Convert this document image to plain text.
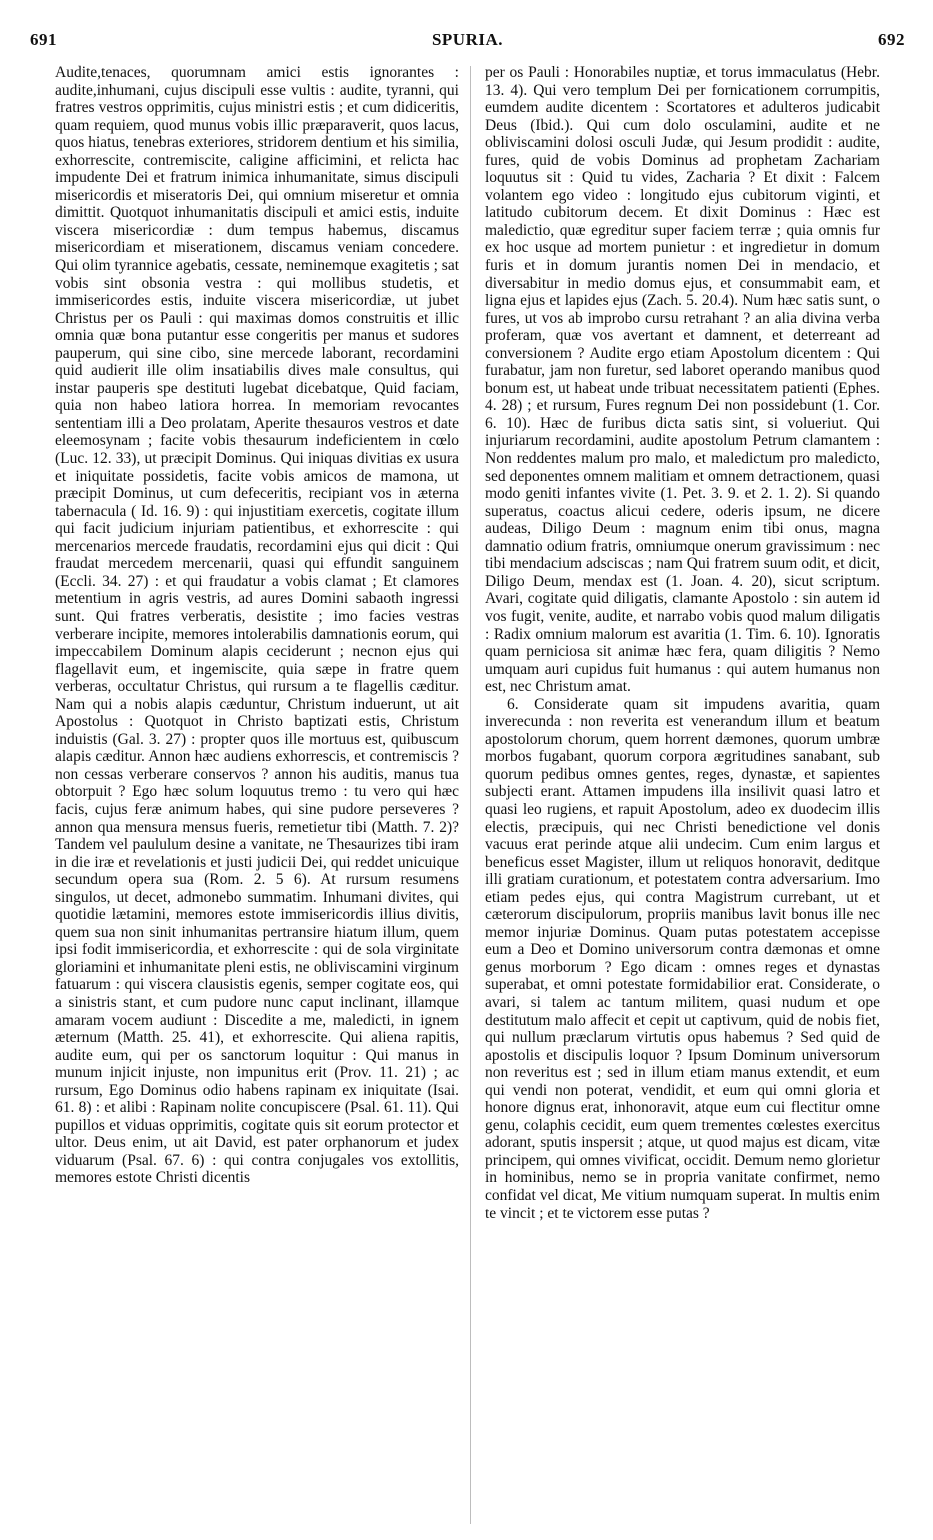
691	SPURIA.	692

Audite,tenaces, quorumnam amici estis ignorantes : audite,inhumani, cujus discipuli esse vultis : audite, tyranni, qui fratres vestros opprimitis, cujus ministri estis ; et cum didiceritis, quam requiem, quod munus vobis illic præparaverit, quos lacus, quos hiatus, tenebras exteriores, stridorem dentium et his similia, exhorrescite, contremiscite, caligine afficimini, et relicta hac impudente Dei et fratrum inimica inhumanitate, simus discipuli misericordis et miseratoris Dei, qui omnium miseretur et omnia dimittit. Quotquot inhumanitatis discipuli et amici estis, induite viscera misericordiæ : dum tempus habemus, discamus misericordiam et miserationem, discamus veniam concedere. Qui olim tyrannice agebatis, cessate, neminemque exagitetis ; sat vobis sint obsonia vestra : qui mollibus studetis, et immisericordes estis, induite viscera misericordiæ, ut jubet Christus per os Pauli : qui maximas domos construitis et illic omnia quæ bona putantur esse congeritis per manus et sudores pauperum, qui sine cibo, sine mercede laborant, recordamini quid audierit ille olim insatiabilis dives male consultus, qui instar pauperis spe destituti lugebat dicebatque, Quid faciam, quia non habeo latiora horrea. In memoriam revocantes sententiam illi a Deo prolatam, Aperite thesauros vestros et date eleemosynam ; facite vobis thesaurum indeficientem in cœlo (Luc. 12. 33), ut præcipit Dominus. Qui iniquas divitias ex usura et iniquitate possidetis, facite vobis amicos de mamona, ut præcipit Dominus, ut cum defeceritis, recipiant vos in æterna tabernacula ( Id. 16. 9) : qui injustitiam exercetis, cogitate illum qui facit judicium injuriam patientibus, et exhorrescite : qui mercenarios mercede fraudatis, recordamini ejus qui dicit : Qui fraudat mercedem mercenarii, quasi qui effundit sanguinem (Eccli. 34. 27) : et qui fraudatur a vobis clamat ; Et clamores metentium in agris vestris, ad aures Domini sabaoth ingressi sunt. Qui fratres verberatis, desistite ; imo facies vestras verberare incipite, memores intolerabilis damnationis eorum, qui impeccabilem Dominum alapis ceciderunt ; necnon ejus qui flagellavit eum, et ingemiscite, quia sæpe in fratre quem verberas, occultatur Christus, qui rursum a te flagellis cæditur. Nam qui a nobis alapis cæduntur, Christum induerunt, ut ait Apostolus : Quotquot in Christo baptizati estis, Christum induistis (Gal. 3. 27) : propter quos ille mortuus est, quibuscum alapis cæditur. Annon hæc audiens exhorrescis, et contremiscis ? non cessas verberare conservos ? annon his auditis, manus tua obtorpuit ? Ego hæc solum loquutus tremo : tu vero qui hæc facis, cujus feræ animum habes, qui sine pudore perseveres ? annon qua mensura mensus fueris, remetietur tibi (Matth. 7. 2)? Tandem vel paululum desine a vanitate, ne Thesaurizes tibi iram in die iræ et revelationis et justi judicii Dei, qui reddet unicuique secundum opera sua (Rom. 2. 5 6). At rursum resumens singulos, ut decet, admonebo summatim. Inhumani divites, qui quotidie lætamini, memores estote immisericordis illius divitis, quem sua non sinit inhumanitas pertransire hiatum illum, quem ipsi fodit immisericordia, et exhorrescite : qui de sola virginitate gloriamini et inhumanitate pleni estis, ne obliviscamini virginum fatuarum : qui viscera clausistis egenis, semper cogitate eos, qui a sinistris stant, et cum pudore nunc caput inclinant, illamque amaram vocem audiunt : Discedite a me, maledicti, in ignem æternum (Matth. 25. 41), et exhorrescite. Qui aliena rapitis, audite eum, qui per os sanctorum loquitur : Qui manus in munum injicit injuste, non impunitus erit (Prov. 11. 21) ; ac rursum, Ego Dominus odio habens rapinam ex iniquitate (Isai. 61. 8) : et alibi : Rapinam nolite concupiscere (Psal. 61. 11). Qui pupillos et viduas opprimitis, cogitate quis sit eorum protector et ultor. Deus enim, ut ait David, est pater orphanorum et judex viduarum (Psal. 67. 6) : qui contra conjugales vos extollitis, memores estote Christi dicentis

per os Pauli : Honorabiles nuptiæ, et torus immaculatus (Hebr. 13. 4). Qui vero templum Dei per fornicationem corrumpitis, eumdem audite dicentem : Scortatores et adulteros judicabit Deus (Ibid.). Qui cum dolo osculamini, audite et ne obliviscamini dolosi osculi Judæ, qui Jesum prodidit : audite, fures, quid de vobis Dominus ad prophetam Zachariam loquutus sit : Quid tu vides, Zacharia ? Et dixit : Falcem volantem ego video : longitudo ejus cubitorum viginti, et latitudo cubitorum decem. Et dixit Dominus : Hæc est maledictio, quæ egreditur super faciem terræ ; quia omnis fur ex hoc usque ad mortem punietur : et ingredietur in domum furis et in domum jurantis nomen Dei in mendacio, et diversabitur in medio domus ejus, et consummabit eam, et ligna ejus et lapides ejus (Zach. 5. 20.4). Num hæc satis sunt, o fures, ut vos ab improbo cursu retrahant ? an alia divina verba proferam, quæ vos avertant et damnent, et deterreant ad conversionem ? Audite ergo etiam Apostolum dicentem : Qui furabatur, jam non furetur, sed laboret operando manibus quod bonum est, ut habeat unde tribuat necessitatem patienti (Ephes. 4. 28) ; et rursum, Fures regnum Dei non possidebunt (1. Cor. 6. 10). Hæc de furibus dicta satis sint, si volueriut. Qui injuriarum recordamini, audite apostolum Petrum clamantem : Non reddentes malum pro malo, et maledictum pro maledicto, sed deponentes omnem malitiam et omnem detractionem, quasi modo geniti infantes vivite (1. Pet. 3. 9. et 2. 1. 2). Si quando superatus, coactus alicui cedere, oderis ipsum, ne dicere audeas, Diligo Deum : magnum enim tibi onus, magna damnatio odium fratris, omniumque onerum gravissimum : nec tibi mendacium adsciscas ; nam Qui fratrem suum odit, et dicit, Diligo Deum, mendax est (1. Joan. 4. 20), sicut scriptum. Avari, cogitate quid diligatis, clamante Apostolo : sin autem id vos fugit, venite, audite, et narrabo vobis quod malum diligatis : Radix omnium malorum est avaritia (1. Tim. 6. 10). Ignoratis quam perniciosa sit animæ hæc fera, quam diligitis ? Nemo umquam auri cupidus fuit humanus : qui autem humanus non est, nec Christum amat.

6. Considerate quam sit impudens avaritia, quam inverecunda : non reverita est venerandum illum et beatum apostolorum chorum, quem horrent dæmones, quorum umbræ morbos fugabant, quorum corpora ægritudines sanabant, sub quorum pedibus omnes gentes, reges, dynastæ, et sapientes subjecti erant. Attamen impudens illa insilivit quasi latro et quasi leo rugiens, et rapuit Apostolum, adeo ex duodecim illis electis, præcipuis, qui nec Christi benedictione vel donis vacuus erat perinde atque alii undecim. Cum enim largus et beneficus esset Magister, illum ut reliquos honoravit, deditque illi gratiam curationum, et potestatem contra adversarium. Imo etiam pedes ejus, qui contra Magistrum currebant, ut et cæterorum discipulorum, propriis manibus lavit bonus ille nec memor injuriæ Dominus. Quam putas potestatem accepisse eum a Deo et Domino universorum contra dæmonas et omne genus morborum ? Ego dicam : omnes reges et dynastas superabat, et omni potestate formidabilior erat. Considerate, o avari, si talem ac tantum militem, quasi nudum et ope destitutum malo affecit et cepit ut captivum, quid de nobis fiet, qui nullum præclarum virtutis opus habemus ? Sed quid de apostolis et discipulis loquor ? Ipsum Dominum universorum non reveritus est ; sed in illum etiam manus extendit, et eum qui vendi non poterat, vendidit, et eum qui omni gloria et honore dignus erat, inhonoravit, atque eum cui flectitur omne genu, colaphis cecidit, eum quem trementes cœlestes exercitus adorant, sputis inspersit ; atque, ut quod majus est dicam, vitæ principem, qui omnes vivificat, occidit. Demum nemo glorietur in hominibus, nemo se in propria vanitate confirmet, nemo confidat vel dicat, Me vitium numquam superat. In multis enim te vincit ; et te victorem esse putas ?
